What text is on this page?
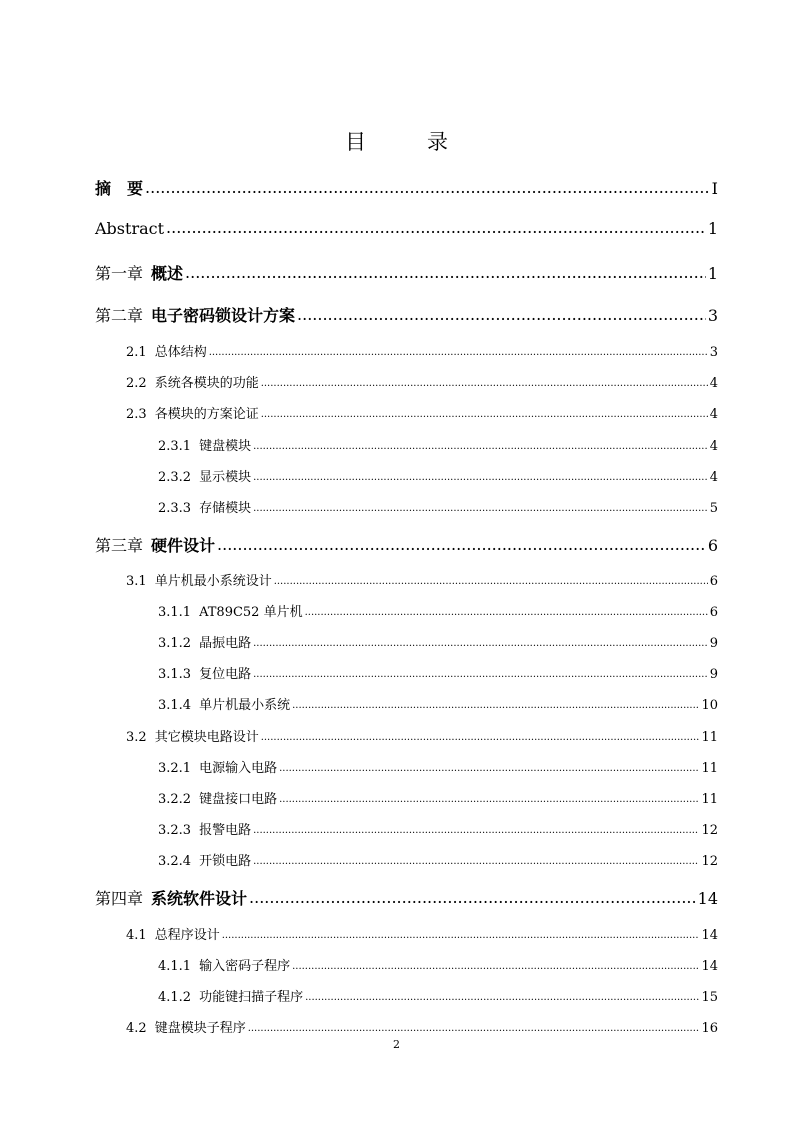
目　录
摘　要 .....	I
Abstract .....	1
第一章 概述 .....	1
第二章 电子密码锁设计方案 .....	3
2.1 总体结构 .....	3
2.2 系统各模块的功能 .....	4
2.3 各模块的方案论证 .....	4
2.3.1 键盘模块 .....	4
2.3.2 显示模块 .....	4
2.3.3 存储模块 .....	5
第三章 硬件设计 .....	6
3.1 单片机最小系统设计 .....	6
3.1.1 AT89C52 单片机 .....	6
3.1.2 晶振电路 .....	9
3.1.3 复位电路 .....	9
3.1.4 单片机最小系统 .....	10
3.2 其它模块电路设计 .....	11
3.2.1 电源输入电路 .....	11
3.2.2 键盘接口电路 .....	11
3.2.3 报警电路 .....	12
3.2.4 开锁电路 .....	12
第四章 系统软件设计 .....	14
4.1 总程序设计 .....	14
4.1.1 输入密码子程序 .....	14
4.1.2 功能键扫描子程序 .....	15
4.2 键盘模块子程序 .....	16
2
